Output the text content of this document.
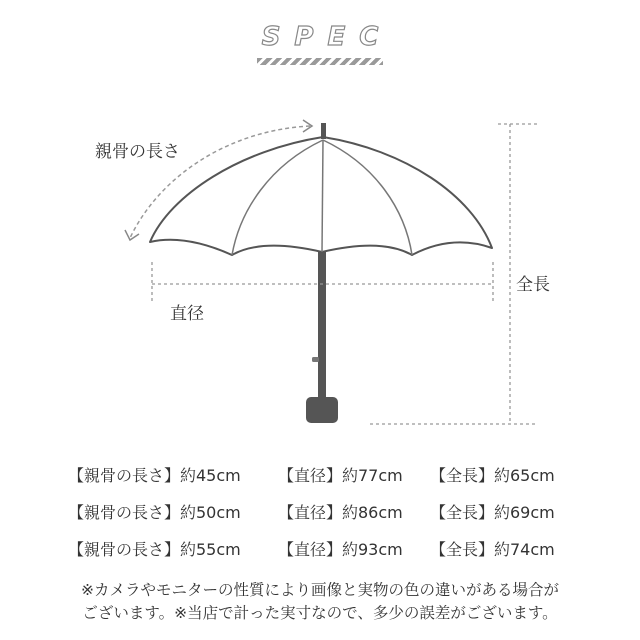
SPEC
親骨の長さ
直径
全長
【親骨の長さ】約45cm 【直径】約77cm 【全長】約65cm
【親骨の長さ】約50cm 【直径】約86cm 【全長】約69cm
【親骨の長さ】約55cm 【直径】約93cm 【全長】約74cm
※カメラやモニターの性質により画像と実物の色の違いがある場合が
ございます。※当店で計った実寸なので、多少の誤差がございます。
